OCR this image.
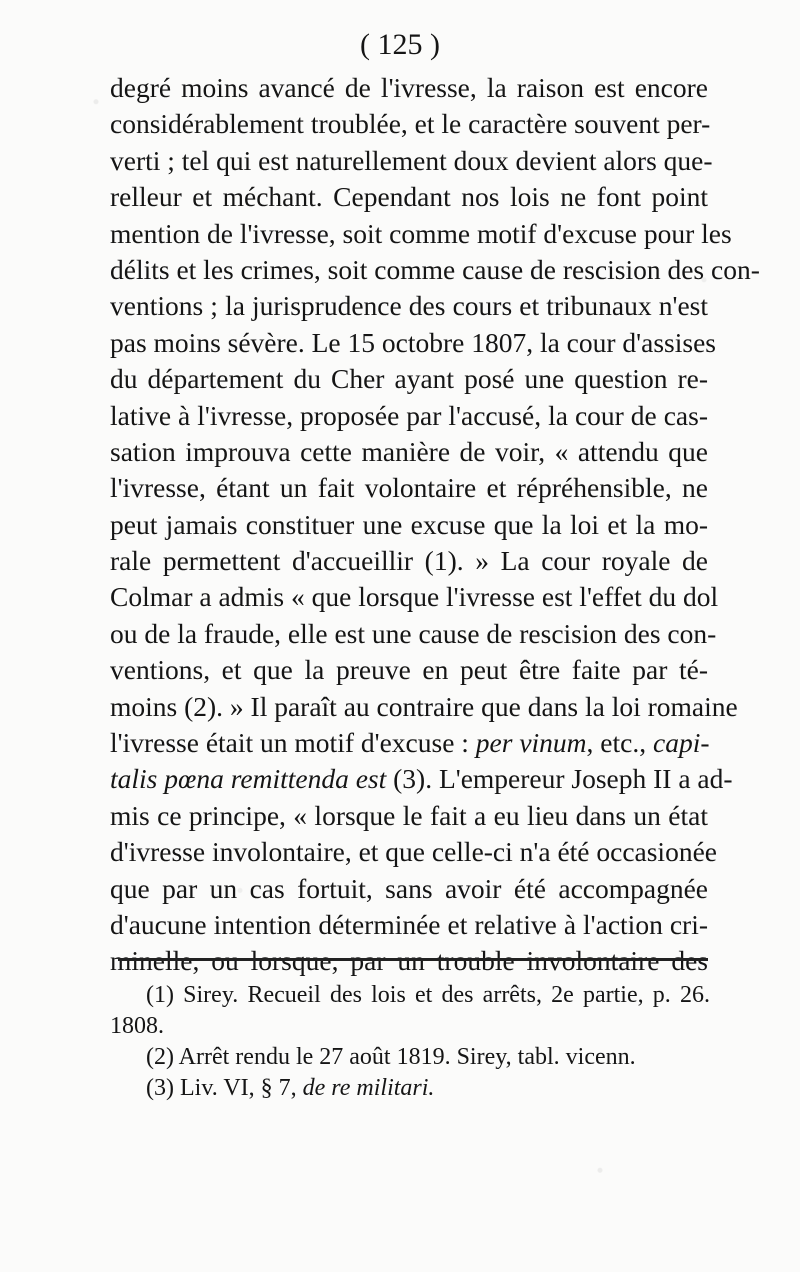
( 125 )
degré moins avancé de l'ivresse, la raison est encore
considérablement troublée, et le caractère souvent per-
verti ; tel qui est naturellement doux devient alors que-
relleur et méchant. Cependant nos lois ne font point
mention de l'ivresse, soit comme motif d'excuse pour les
délits et les crimes, soit comme cause de rescision des con-
ventions ; la jurisprudence des cours et tribunaux n'est
pas moins sévère. Le 15 octobre 1807, la cour d'assises
du département du Cher ayant posé une question re-
lative à l'ivresse, proposée par l'accusé, la cour de cas-
sation improuva cette manière de voir, « attendu que
l'ivresse, étant un fait volontaire et répréhensible, ne
peut jamais constituer une excuse que la loi et la mo-
rale permettent d'accueillir (1). » La cour royale de
Colmar a admis « que lorsque l'ivresse est l'effet du dol
ou de la fraude, elle est une cause de rescision des con-
ventions, et que la preuve en peut être faite par té-
moins (2). » Il paraît au contraire que dans la loi romaine
l'ivresse était un motif d'excuse : per vinum, etc., capi-
talis pœna remittenda est (3). L'empereur Joseph II a ad-
mis ce principe, « lorsque le fait a eu lieu dans un état
d'ivresse involontaire, et que celle-ci n'a été occasionée
que par un cas fortuit, sans avoir été accompagnée
d'aucune intention déterminée et relative à l'action cri-
minelle, ou lorsque, par un trouble involontaire des
(1) Sirey. Recueil des lois et des arrêts, 2e partie, p. 26.
1808.
(2) Arrêt rendu le 27 août 1819. Sirey, tabl. vicenn.
(3) Liv. VI, § 7, de re militari.
